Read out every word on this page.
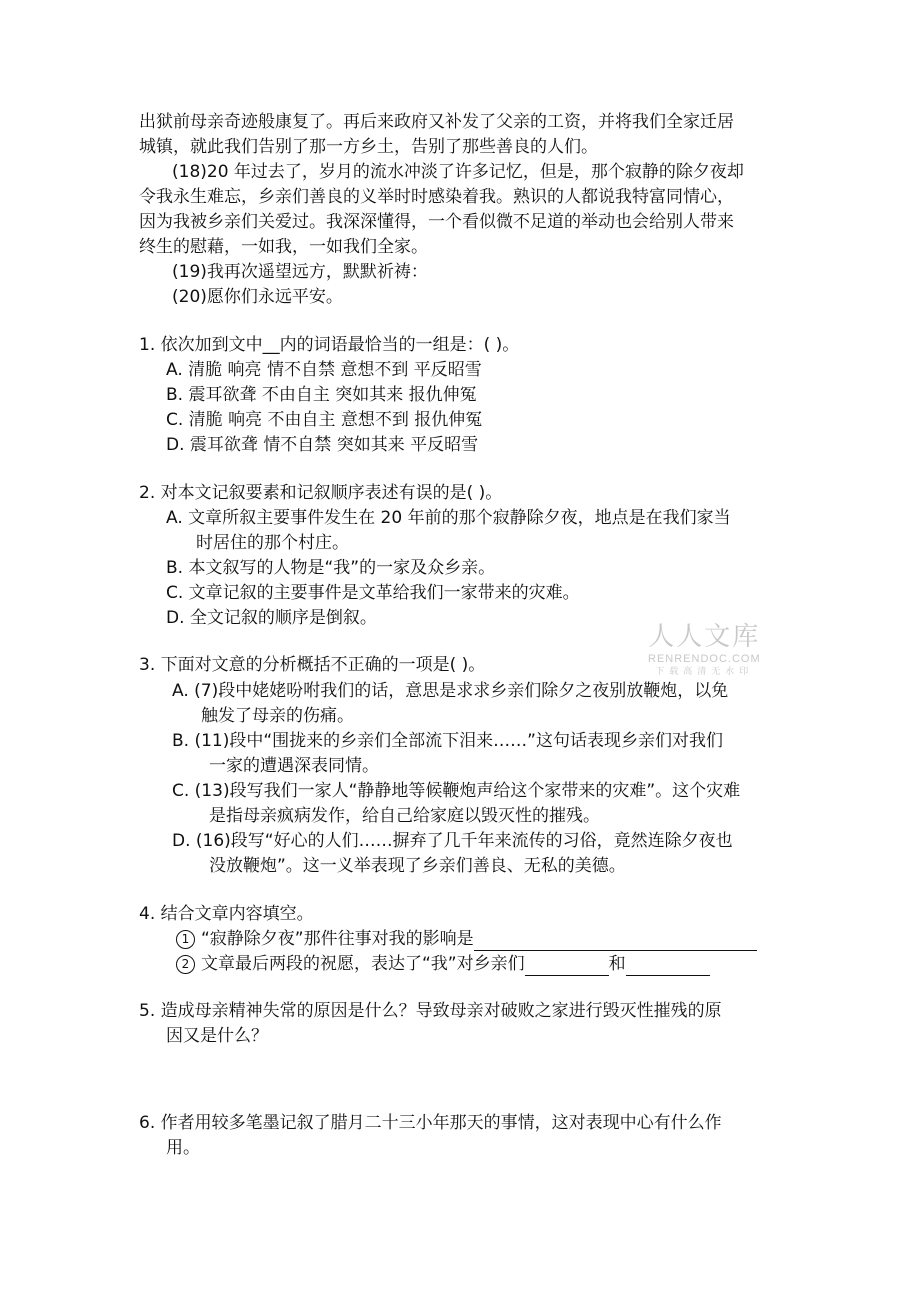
出狱前母亲奇迹般康复了。再后来政府又补发了父亲的工资，并将我们全家迁居
城镇，就此我们告别了那一方乡土，告别了那些善良的人们。
(18)20 年过去了，岁月的流水冲淡了许多记忆，但是，那个寂静的除夕夜却
令我永生难忘，乡亲们善良的义举时时感染着我。熟识的人都说我特富同情心，
因为我被乡亲们关爱过。我深深懂得，一个看似微不足道的举动也会给别人带来
终生的慰藉，一如我，一如我们全家。
(19)我再次遥望远方，默默祈祷：
(20)愿你们永远平安。
1. 依次加到文中__内的词语最恰当的一组是：( )。
A. 清脆 响亮 情不自禁 意想不到 平反昭雪
B. 震耳欲聋 不由自主 突如其来 报仇伸冤
C. 清脆 响亮 不由自主 意想不到 报仇伸冤
D. 震耳欲聋 情不自禁 突如其来 平反昭雪
2. 对本文记叙要素和记叙顺序表述有误的是( )。
A. 文章所叙主要事件发生在 20 年前的那个寂静除夕夜，地点是在我们家当
时居住的那个村庄。
B. 本文叙写的人物是“我”的一家及众乡亲。
C. 文章记叙的主要事件是文革给我们一家带来的灾难。
D. 全文记叙的顺序是倒叙。
人人文库
RENRENDOC.COM
下载高清无水印
3. 下面对文意的分析概括不正确的一项是( )。
A. (7)段中姥姥吩咐我们的话，意思是求求乡亲们除夕之夜别放鞭炮，以免
触发了母亲的伤痛。
B. (11)段中“围拢来的乡亲们全部流下泪来……”这句话表现乡亲们对我们
一家的遭遇深表同情。
C. (13)段写我们一家人“静静地等候鞭炮声给这个家带来的灾难”。这个灾难
是指母亲疯病发作，给自己给家庭以毁灭性的摧残。
D. (16)段写“好心的人们……摒弃了几千年来流传的习俗，竟然连除夕夜也
没放鞭炮”。这一义举表现了乡亲们善良、无私的美德。
4. 结合文章内容填空。
1 “寂静除夕夜”那件往事对我的影响是
2 文章最后两段的祝愿，表达了“我”对乡亲们	和
5. 造成母亲精神失常的原因是什么？导致母亲对破败之家进行毁灭性摧残的原
因又是什么？
6. 作者用较多笔墨记叙了腊月二十三小年那天的事情，这对表现中心有什么作
用。
